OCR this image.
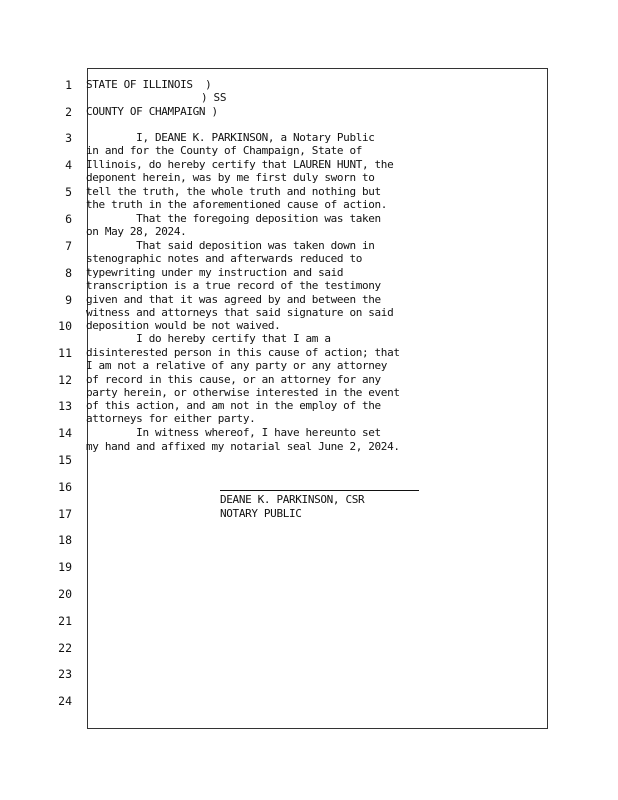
1
2
3
4
5
6
7
8
9
10
11
12
13
14
15
16
17
18
19
20
21
22
23
24
STATE OF ILLINOIS  )
) SS
COUNTY OF CHAMPAIGN )
I, DEANE K. PARKINSON, a Notary Public
in and for the County of Champaign, State of
Illinois, do hereby certify that LAUREN HUNT, the
deponent herein, was by me first duly sworn to
tell the truth, the whole truth and nothing but
the truth in the aforementioned cause of action.
That the foregoing deposition was taken
on May 28, 2024.
That said deposition was taken down in
stenographic notes and afterwards reduced to
typewriting under my instruction and said
transcription is a true record of the testimony
given and that it was agreed by and between the
witness and attorneys that said signature on said
deposition would be not waived.
I do hereby certify that I am a
disinterested person in this cause of action; that
I am not a relative of any party or any attorney
of record in this cause, or an attorney for any
party herein, or otherwise interested in the event
of this action, and am not in the employ of the
attorneys for either party.
In witness whereof, I have hereunto set
my hand and affixed my notarial seal June 2, 2024.
DEANE K. PARKINSON, CSR
NOTARY PUBLIC
